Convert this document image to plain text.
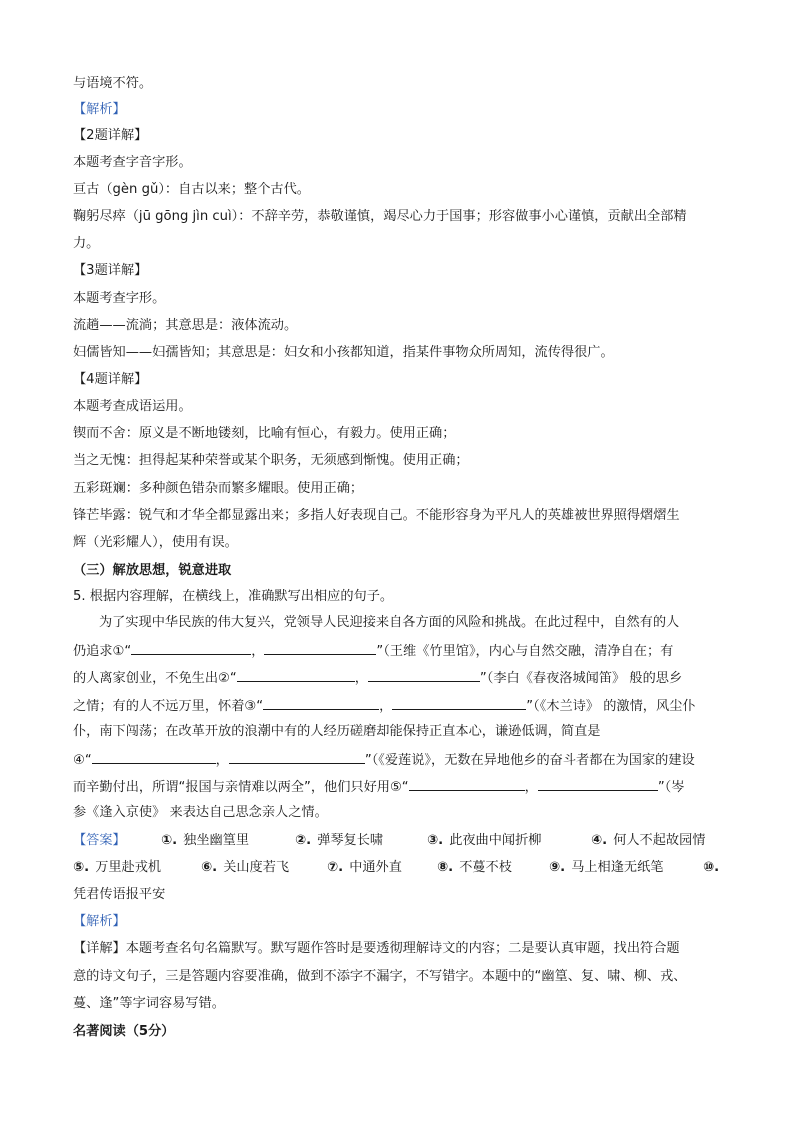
与语境不符。
【解析】
【2题详解】
本题考查字音字形。
亘古（gèn gǔ）：自古以来；整个古代。
鞠躬尽瘁（jū gōng jìn cuì）：不辞辛劳，恭敬谨慎，竭尽心力于国事；形容做事小心谨慎，贡献出全部精
力。
【3题详解】
本题考查字形。
流趟——流淌；其意思是：液体流动。
妇儒皆知——妇孺皆知；其意思是：妇女和小孩都知道，指某件事物众所周知，流传得很广。
【4题详解】
本题考查成语运用。
锲而不舍：原义是不断地镂刻，比喻有恒心，有毅力。使用正确；
当之无愧：担得起某种荣誉或某个职务，无须感到惭愧。使用正确；
五彩斑斓：多种颜色错杂而繁多耀眼。使用正确；
锋芒毕露：锐气和才华全都显露出来；多指人好表现自己。不能形容身为平凡人的英雄被世界照得熠熠生
辉（光彩耀人），使用有误。
（三）解放思想，锐意进取
5. 根据内容理解，在横线上，准确默写出相应的句子。
为了实现中华民族的伟大复兴，党领导人民迎接来自各方面的风险和挑战。在此过程中，自然有的人
仍追求①“	，	”（王维《竹里馆》，内心与自然交融，清净自在；有
的人离家创业，不免生出②“	，	”（李白《春夜洛城闻笛》 般的思乡
之情；有的人不远万里，怀着③“	，	”（《木兰诗》 的激情，风尘仆
仆，南下闯荡；在改革开放的浪潮中有的人经历磋磨却能保持正直本心，谦逊低调，简直是
④“	，	”（《爱莲说》，无数在异地他乡的奋斗者都在为国家的建设
而辛勤付出，所谓“报国与亲情难以两全”，他们只好用⑤“	，	”（岑
参《逢入京使》 来表达自己思念亲人之情。
【答案】	①. 独坐幽篁里	②. 弹琴复长啸	③. 此夜曲中闻折柳	④. 何人不起故园情
⑤. 万里赴戎机	⑥. 关山度若飞	⑦. 中通外直	⑧. 不蔓不枝	⑨. 马上相逢无纸笔	⑩.
凭君传语报平安
【解析】
【详解】本题考查名句名篇默写。默写题作答时是要透彻理解诗文的内容；二是要认真审题，找出符合题
意的诗文句子，三是答题内容要准确，做到不添字不漏字，不写错字。本题中的“幽篁、复、啸、柳、戎、
蔓、逢”等字词容易写错。
名著阅读（5分）
